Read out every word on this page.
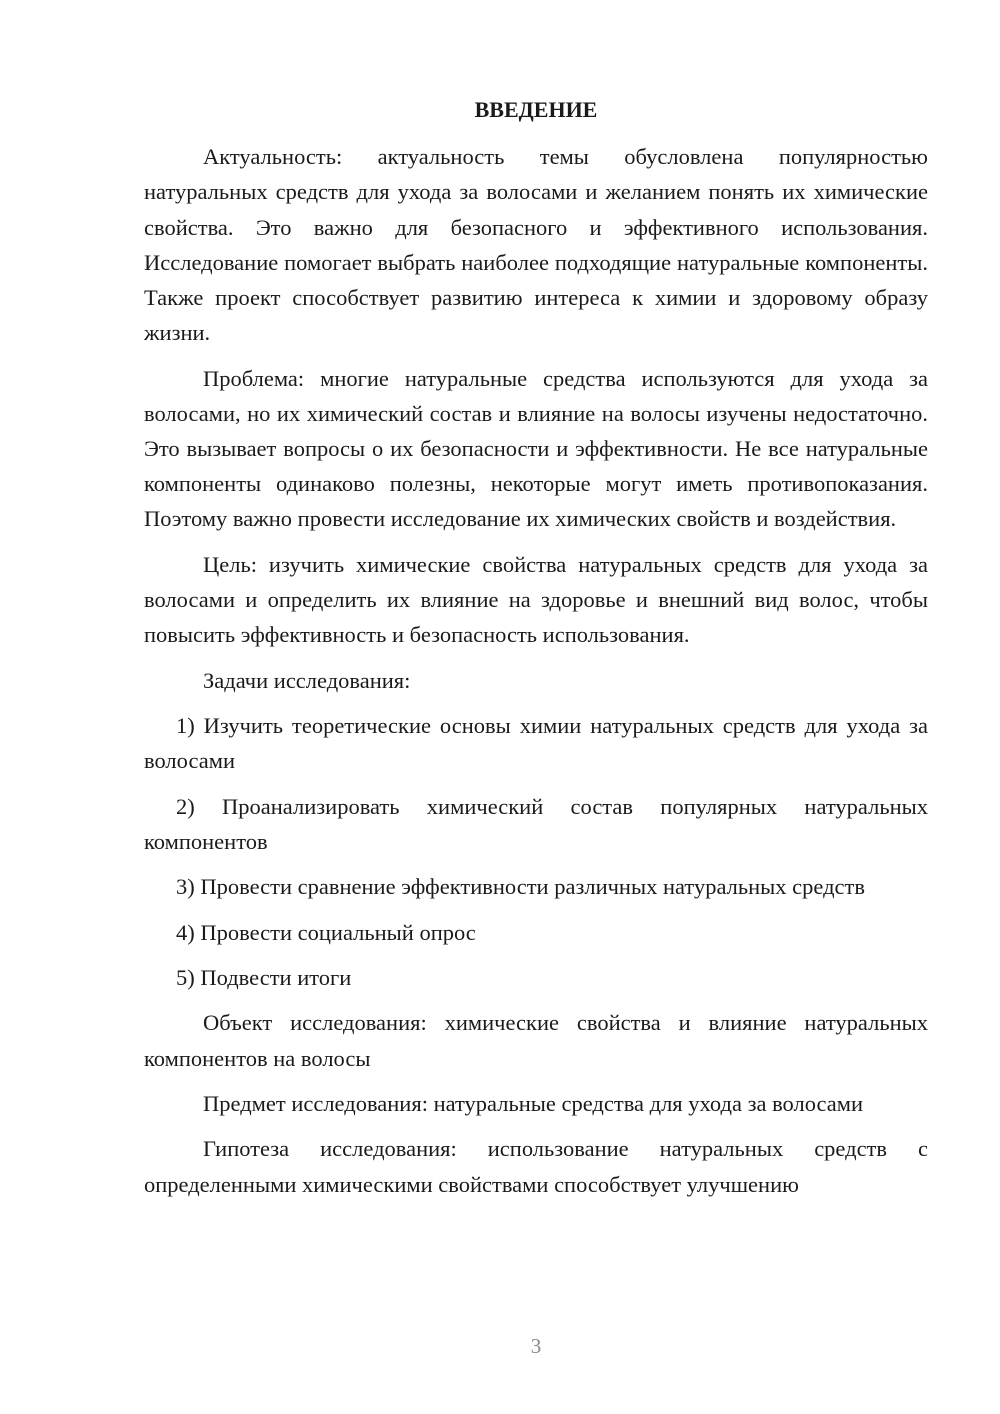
ВВЕДЕНИЕ

Актуальность: актуальность темы обусловлена популярностью натуральных средств для ухода за волосами и желанием понять их химические свойства. Это важно для безопасного и эффективного использования. Исследование помогает выбрать наиболее подходящие натуральные компоненты. Также проект способствует развитию интереса к химии и здоровому образу жизни.

Проблема: многие натуральные средства используются для ухода за волосами, но их химический состав и влияние на волосы изучены недостаточно. Это вызывает вопросы о их безопасности и эффективности. Не все натуральные компоненты одинаково полезны, некоторые могут иметь противопоказания. Поэтому важно провести исследование их химических свойств и воздействия.

Цель: изучить химические свойства натуральных средств для ухода за волосами и определить их влияние на здоровье и внешний вид волос, чтобы повысить эффективность и безопасность использования.

Задачи исследования:

1) Изучить теоретические основы химии натуральных средств для ухода за волосами

2) Проанализировать химический состав популярных натуральных компонентов

3) Провести сравнение эффективности различных натуральных средств

4) Провести социальный опрос

5) Подвести итоги

Объект исследования: химические свойства и влияние натуральных компонентов на волосы

Предмет исследования: натуральные средства для ухода за волосами

Гипотеза исследования: использование натуральных средств с определенными химическими свойствами способствует улучшению

3
